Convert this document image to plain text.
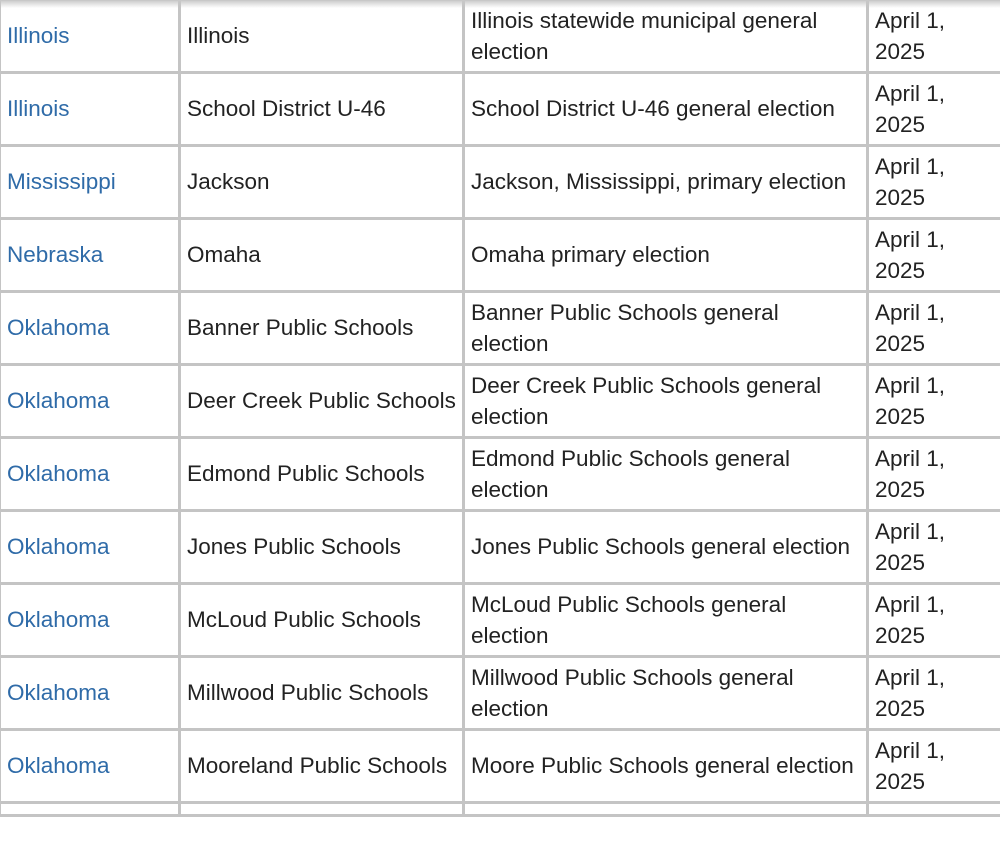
Illinois	Illinois	Illinois statewide municipal general election	April 1, 2025
Illinois	School District U-46	School District U-46 general election	April 1, 2025
Mississippi	Jackson	Jackson, Mississippi, primary election	April 1, 2025
Nebraska	Omaha	Omaha primary election	April 1, 2025
Oklahoma	Banner Public Schools	Banner Public Schools general election	April 1, 2025
Oklahoma	Deer Creek Public Schools	Deer Creek Public Schools general election	April 1, 2025
Oklahoma	Edmond Public Schools	Edmond Public Schools general election	April 1, 2025
Oklahoma	Jones Public Schools	Jones Public Schools general election	April 1, 2025
Oklahoma	McLoud Public Schools	McLoud Public Schools general election	April 1, 2025
Oklahoma	Millwood Public Schools	Millwood Public Schools general election	April 1, 2025
Oklahoma	Mooreland Public Schools	Moore Public Schools general election	April 1, 2025
